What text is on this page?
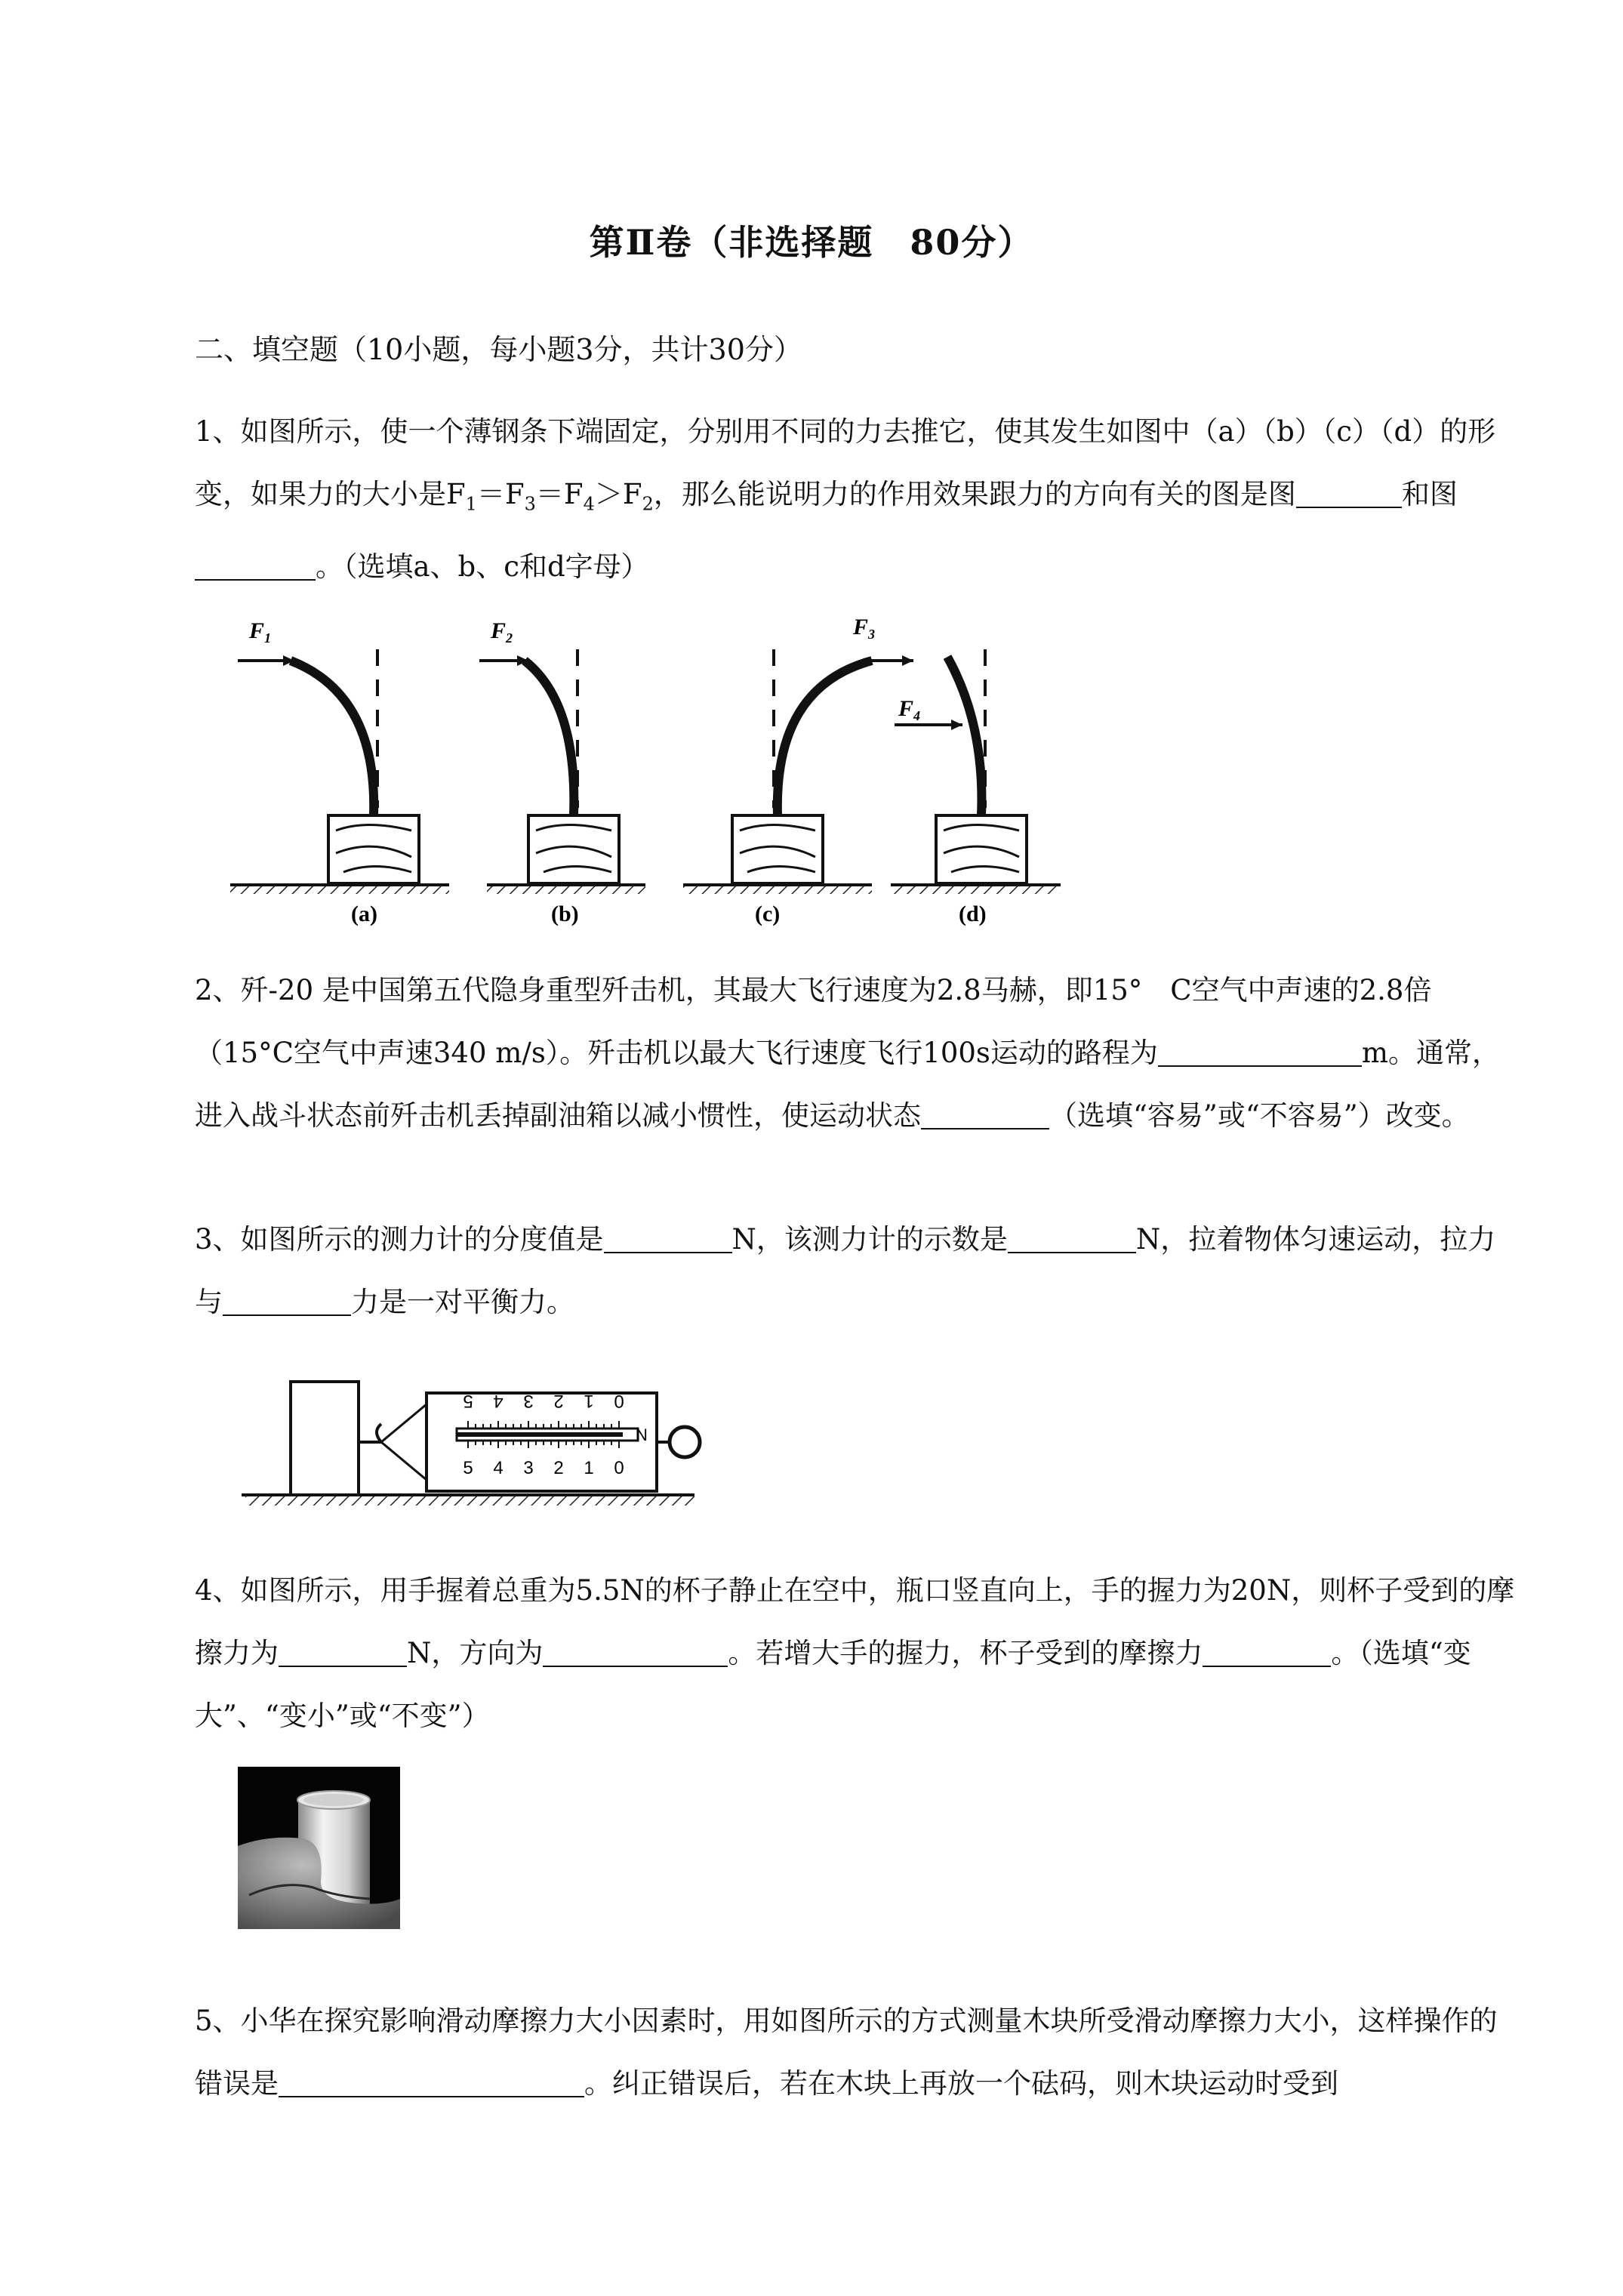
第Ⅱ卷（非选择题　80分）
二、填空题（10小题，每小题3分，共计30分）
1、如图所示，使一个薄钢条下端固定，分别用不同的力去推它，使其发生如图中（a）（b）（c）（d）的形变，如果力的大小是$F_1=F_3=F_4>F_2$，那么能说明力的作用效果跟力的方向有关的图是图	和图。（选填a、b、c和d字母）
$F_1$	$F_2$	$F_3$
$F_4$
(a)	(b)	(c)	(d)
2、歼-20 是中国第五代隐身重型歼击机，其最大飞行速度为2.8马赫，即15°　C空气中声速的2.8倍（15°C空气中声速340 m/s）。歼击机以最大飞行速度飞行100s运动的路程为	m。通常，进入战斗状态前歼击机丢掉副油箱以减小惯性，使运动状态	（选填“容易”或“不容易”）改变。
3、如图所示的测力计的分度值是	N，该测力计的示数是	N，拉着物体匀速运动，拉力与	力是一对平衡力。
5 4 3 2 1 0
5 4 3 2 1 0
N
4、如图所示，用手握着总重为5.5N的杯子静止在空中，瓶口竖直向上，手的握力为20N，则杯子受到的摩擦力为	N，方向为	。若增大手的握力，杯子受到的摩擦力	。（选填“变大”、“变小”或“不变”）
5、小华在探究影响滑动摩擦力大小因素时，用如图所示的方式测量木块所受滑动摩擦力大小，这样操作的错误是	。纠正错误后，若在木块上再放一个砝码，则木块运动时受到
